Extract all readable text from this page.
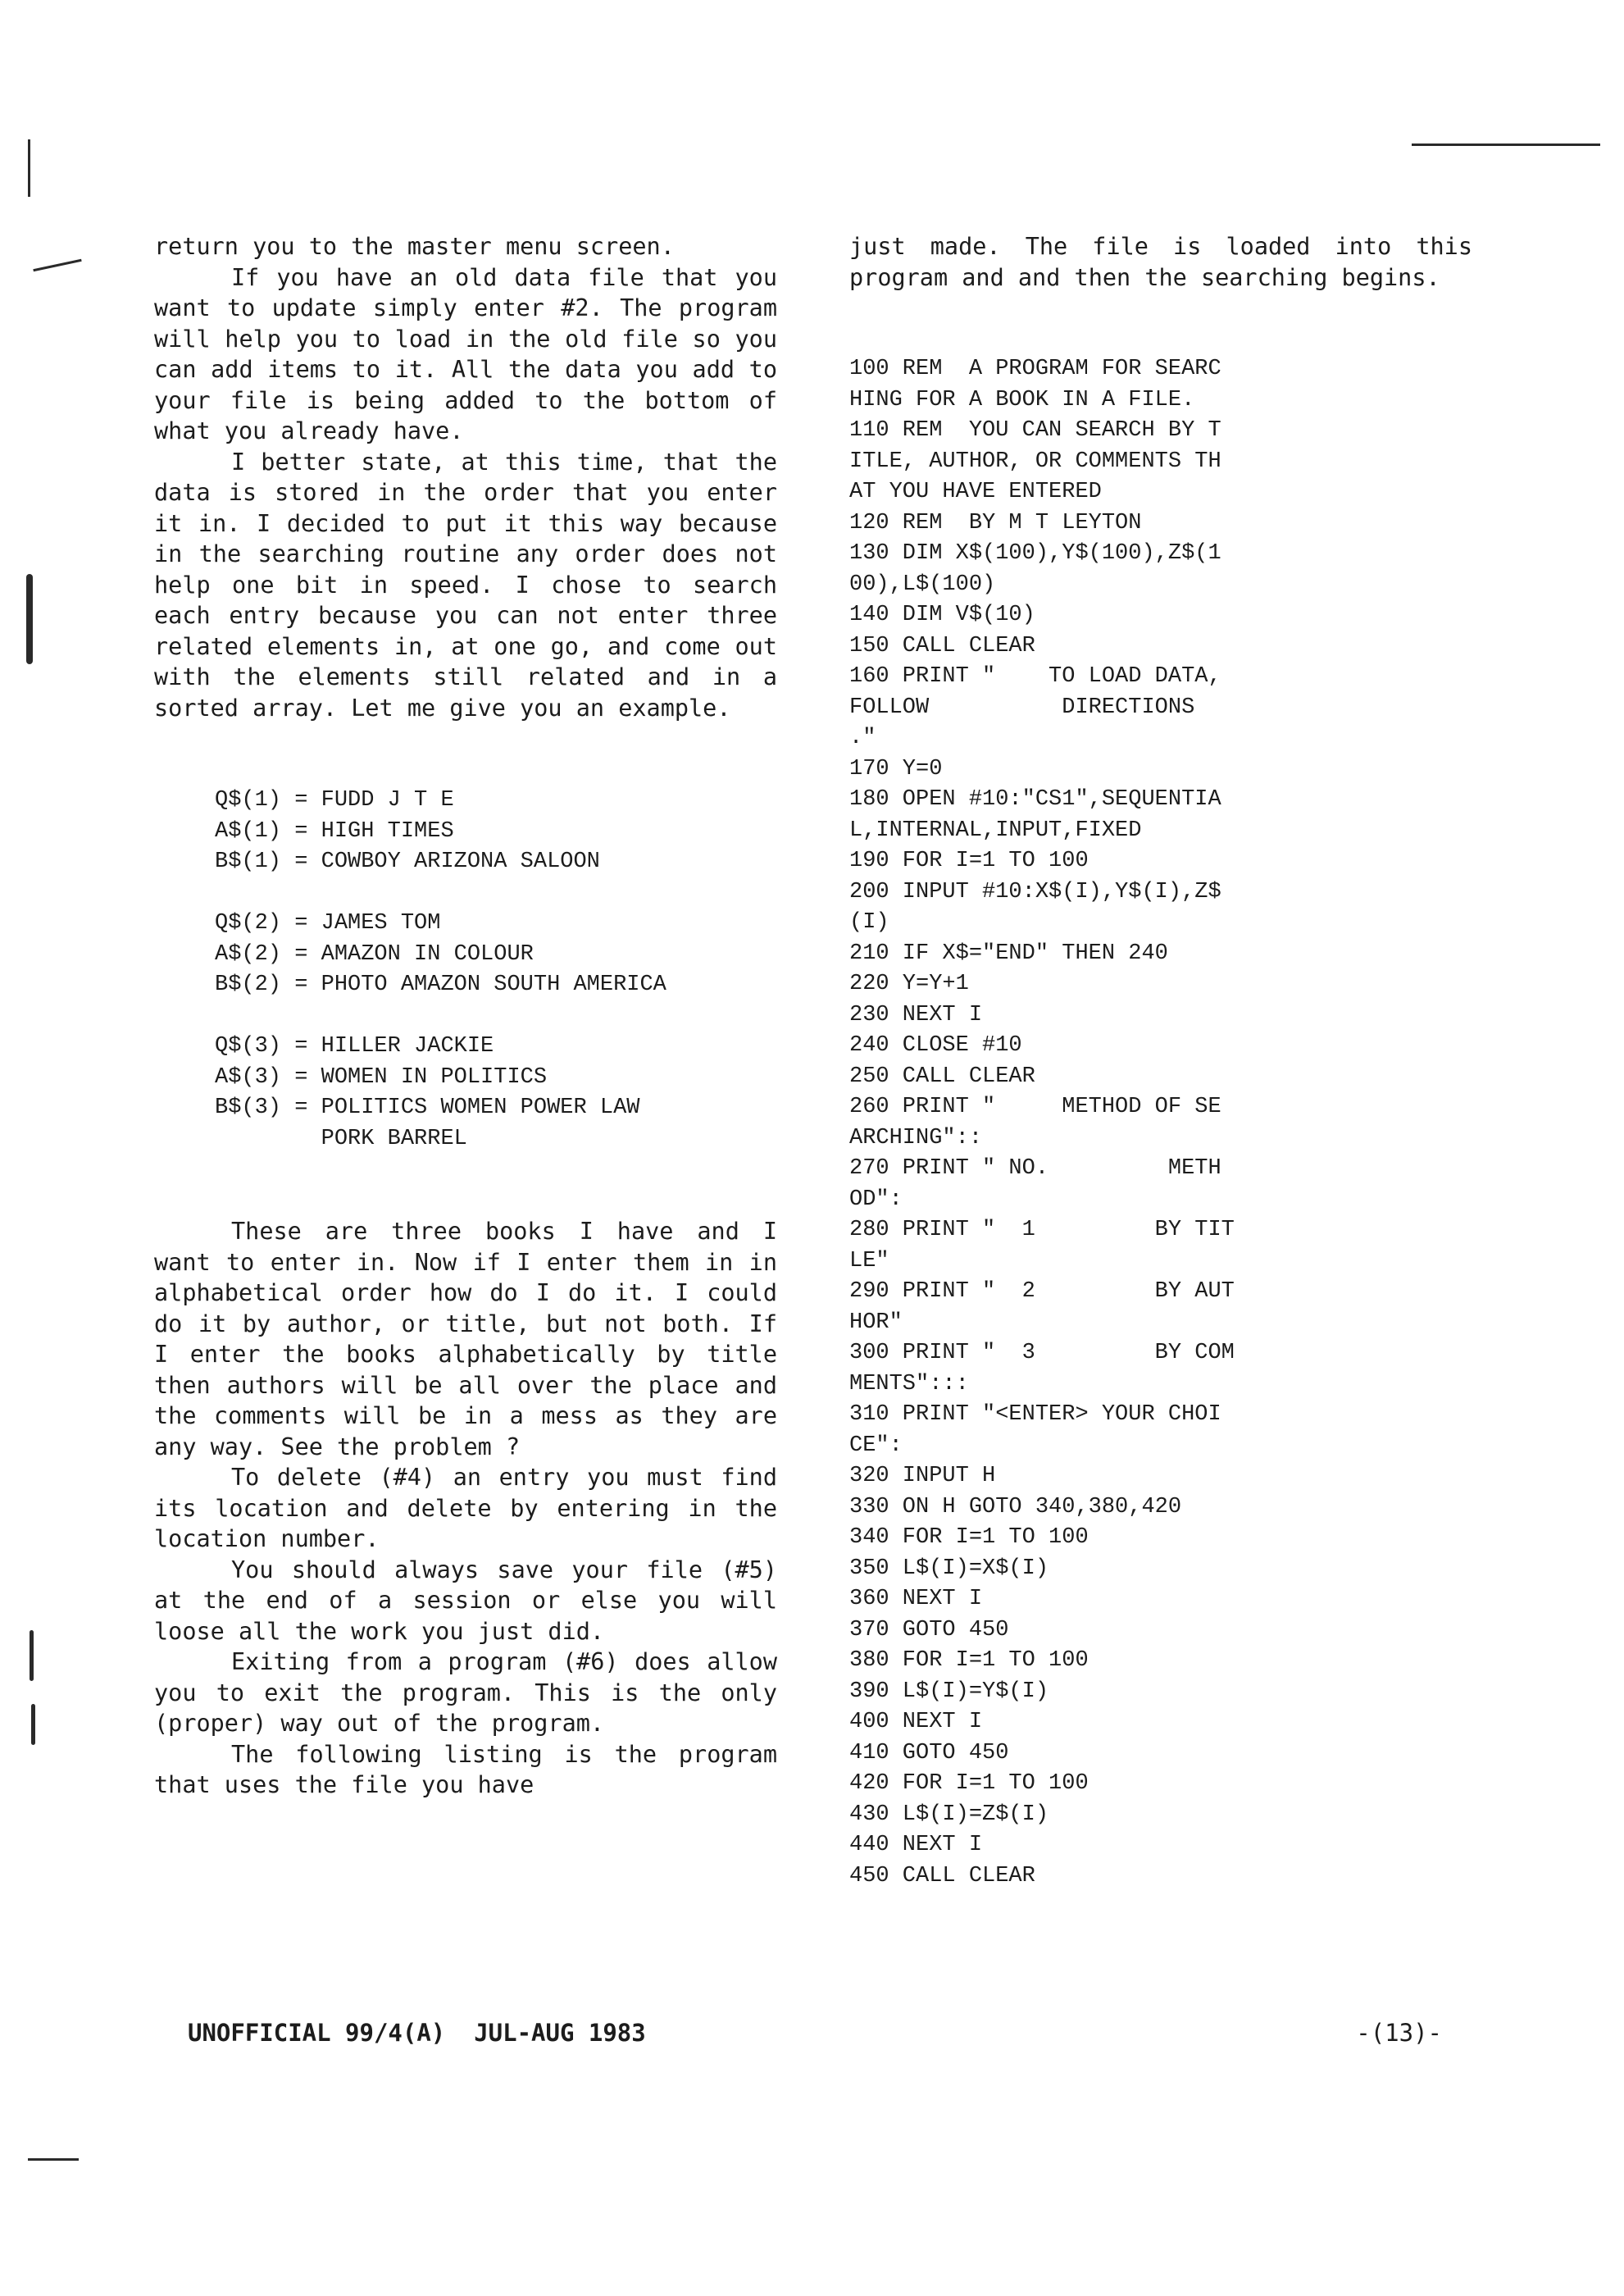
return you to the master menu screen.

If you have an old data file that you want to update simply enter #2. The program will help you to load in the old file so you can add items to it. All the data you add to your file is being added to the bottom of what you already have.

I better state, at this time, that the data is stored in the order that you enter it in. I decided to put it this way because in the searching routine any order does not help one bit in speed. I chose to search each entry because you can not enter three related elements in, at one go, and come out with the elements still related and in a sorted array. Let me give you an example.

Q$(1) = FUDD J T E
A$(1) = HIGH TIMES
B$(1) = COWBOY ARIZONA SALOON
Q$(2) = JAMES TOM
A$(2) = AMAZON IN COLOUR
B$(2) = PHOTO AMAZON SOUTH AMERICA
Q$(3) = HILLER JACKIE
A$(3) = WOMEN IN POLITICS
B$(3) = POLITICS WOMEN POWER LAW
PORK BARREL

These are three books I have and I want to enter in. Now if I enter them in in alphabetical order how do I do it. I could do it by author, or title, but not both. If I enter the books alphabetically by title then authors will be all over the place and the comments will be in a mess as they are any way. See the problem ?

To delete (#4) an entry you must find its location and delete by entering in the location number.

You should always save your file (#5) at the end of a session or else you will loose all the work you just did.

Exiting from a program (#6) does allow you to exit the program. This is the only (proper) way out of the program.

The following listing is the program that uses the file you have

just made. The file is loaded into this program and and then the searching begins.

100 REM  A PROGRAM FOR SEARC
HING FOR A BOOK IN A FILE.
110 REM  YOU CAN SEARCH BY T
ITLE, AUTHOR, OR COMMENTS TH
AT YOU HAVE ENTERED
120 REM  BY M T LEYTON
130 DIM X$(100),Y$(100),Z$(1
00),L$(100)
140 DIM V$(10)
150 CALL CLEAR
160 PRINT "    TO LOAD DATA,
FOLLOW          DIRECTIONS
."
170 Y=0
180 OPEN #10:"CS1",SEQUENTIA
L,INTERNAL,INPUT,FIXED
190 FOR I=1 TO 100
200 INPUT #10:X$(I),Y$(I),Z$
(I)
210 IF X$="END" THEN 240
220 Y=Y+1
230 NEXT I
240 CLOSE #10
250 CALL CLEAR
260 PRINT "     METHOD OF SE
ARCHING"::
270 PRINT " NO.         METH
OD":
280 PRINT "  1         BY TIT
LE"
290 PRINT "  2         BY AUT
HOR"
300 PRINT "  3         BY COM
MENTS":::
310 PRINT "<ENTER> YOUR CHOI
CE":
320 INPUT H
330 ON H GOTO 340,380,420
340 FOR I=1 TO 100
350 L$(I)=X$(I)
360 NEXT I
370 GOTO 450
380 FOR I=1 TO 100
390 L$(I)=Y$(I)
400 NEXT I
410 GOTO 450
420 FOR I=1 TO 100
430 L$(I)=Z$(I)
440 NEXT I
450 CALL CLEAR
UNOFFICIAL 99/4(A)  JUL-AUG 1983	-(13)-
